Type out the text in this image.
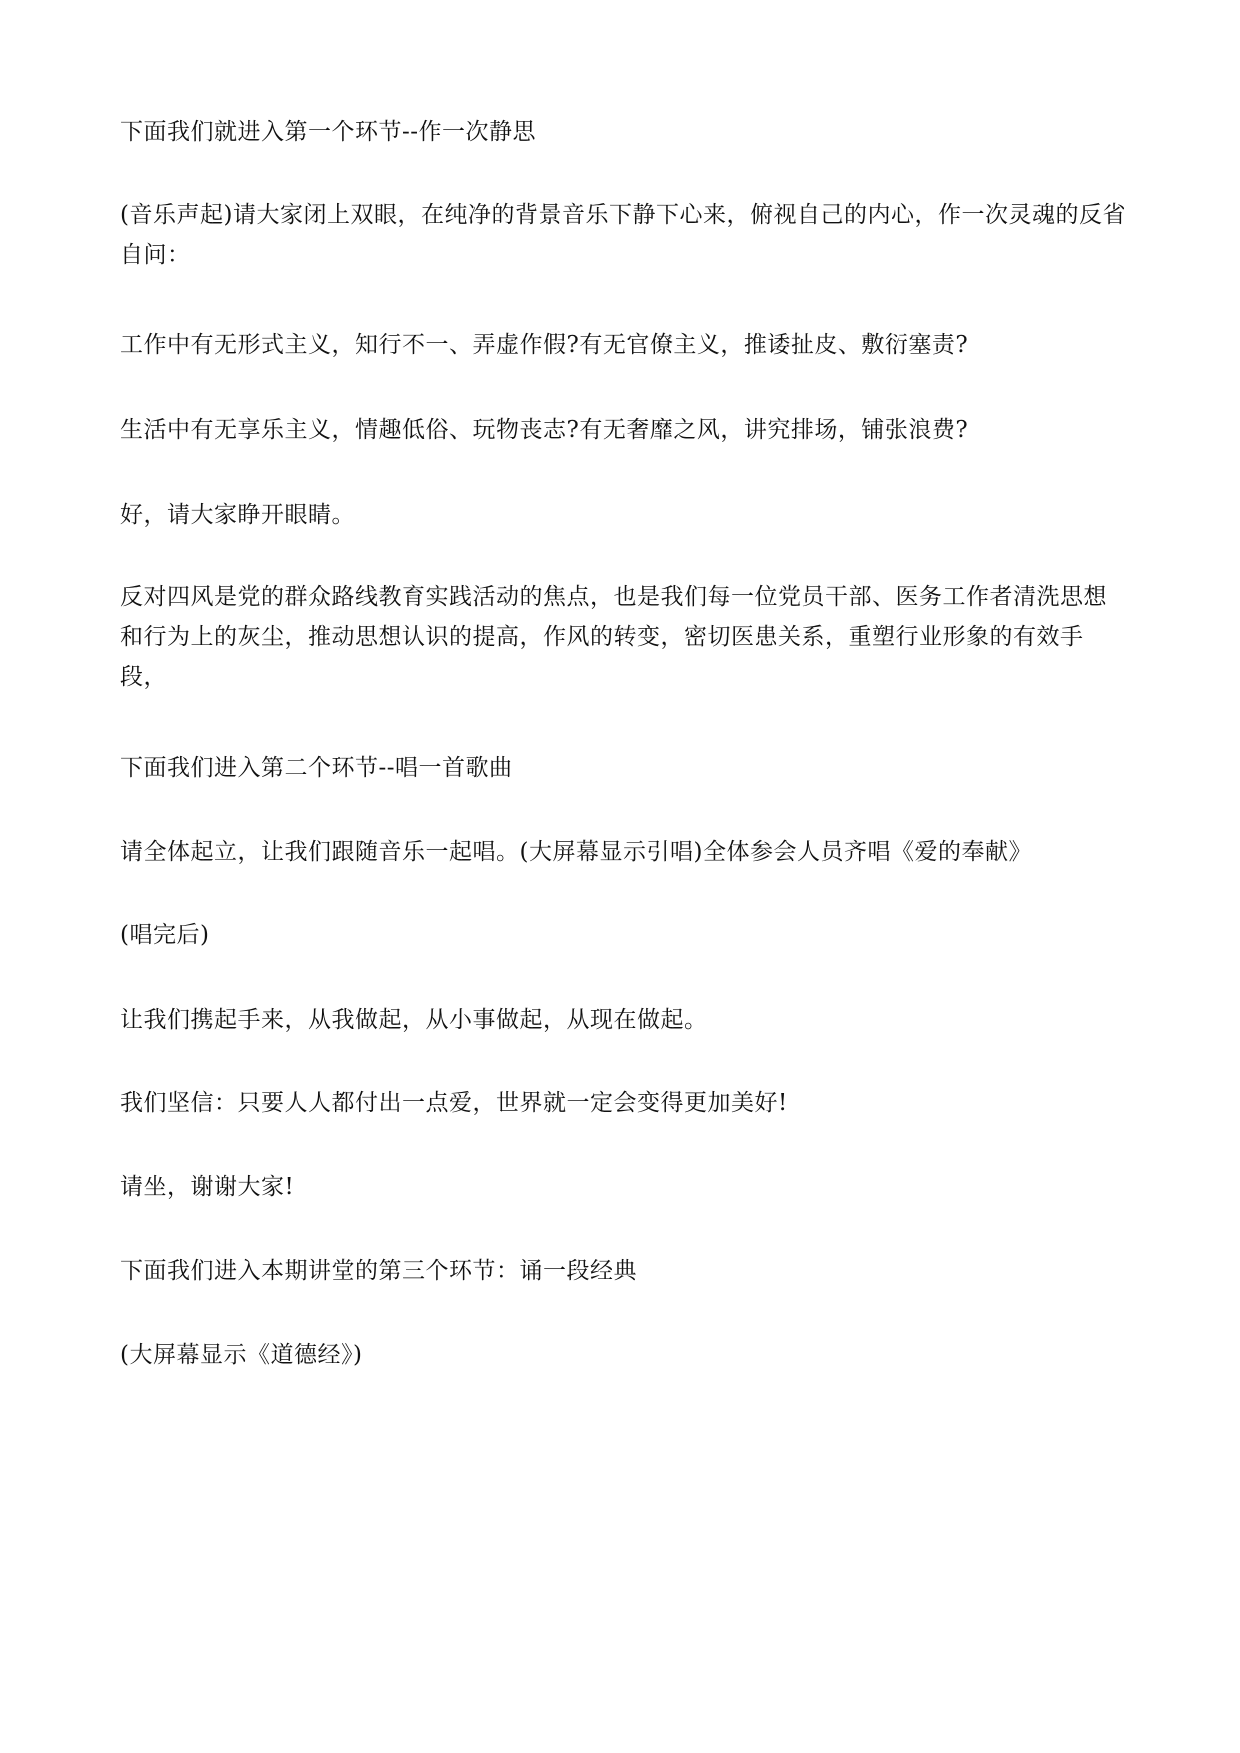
下面我们就进入第一个环节--作一次静思

(音乐声起)请大家闭上双眼，在纯净的背景音乐下静下心来，俯视自己的内心，作一次灵魂的反省自问：

工作中有无形式主义，知行不一、弄虚作假?有无官僚主义，推诿扯皮、敷衍塞责?

生活中有无享乐主义，情趣低俗、玩物丧志?有无奢靡之风，讲究排场，铺张浪费?

好，请大家睁开眼睛。

反对四风是党的群众路线教育实践活动的焦点，也是我们每一位党员干部、医务工作者清洗思想和行为上的灰尘，推动思想认识的提高，作风的转变，密切医患关系，重塑行业形象的有效手段，

下面我们进入第二个环节--唱一首歌曲

请全体起立，让我们跟随音乐一起唱。(大屏幕显示引唱)全体参会人员齐唱《爱的奉献》

(唱完后)

让我们携起手来，从我做起，从小事做起，从现在做起。

我们坚信：只要人人都付出一点爱，世界就一定会变得更加美好!

请坐，谢谢大家!

下面我们进入本期讲堂的第三个环节：诵一段经典

(大屏幕显示《道德经》)
